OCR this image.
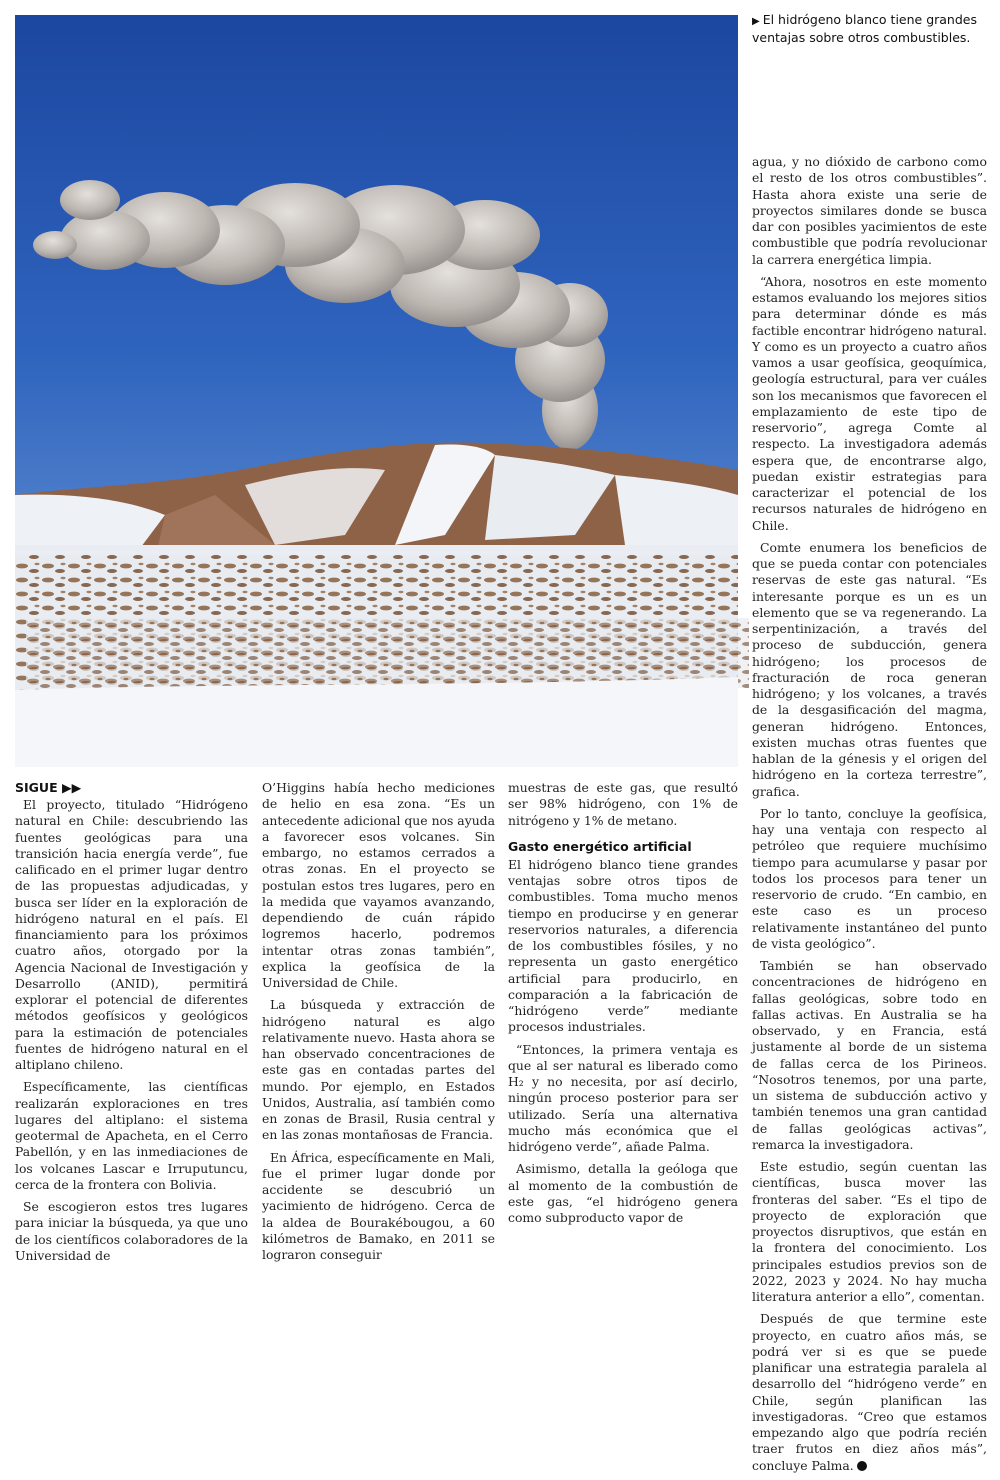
▶ El hidrógeno blanco tiene grandes ventajas sobre otros combustibles.
SIGUE ▶▶

El proyecto, titulado “Hidrógeno natural en Chile: descubriendo las fuentes geológicas para una transición hacia energía verde”, fue calificado en el primer lugar dentro de las propuestas adjudicadas, y busca ser líder en la exploración de hidrógeno natural en el país. El financiamiento para los próximos cuatro años, otorgado por la Agencia Nacional de Investigación y Desarrollo (ANID), permitirá explorar el potencial de diferentes métodos geofísicos y geológicos para la estimación de potenciales fuentes de hidrógeno natural en el altiplano chileno.

Específicamente, las científicas realizarán exploraciones en tres lugares del altiplano: el sistema geotermal de Apacheta, en el Cerro Pabellón, y en las inmediaciones de los volcanes Lascar e Irruputuncu, cerca de la frontera con Bolivia.

Se escogieron estos tres lugares para iniciar la búsqueda, ya que uno de los científicos colaboradores de la Universidad de

O’Higgins había hecho mediciones de helio en esa zona. “Es un antecedente adicional que nos ayuda a favorecer esos volcanes. Sin embargo, no estamos cerrados a otras zonas. En el proyecto se postulan estos tres lugares, pero en la medida que vayamos avanzando, dependiendo de cuán rápido logremos hacerlo, podremos intentar otras zonas también”, explica la geofísica de la Universidad de Chile.

La búsqueda y extracción de hidrógeno natural es algo relativamente nuevo. Hasta ahora se han observado concentraciones de este gas en contadas partes del mundo. Por ejemplo, en Estados Unidos, Australia, así también como en zonas de Brasil, Rusia central y en las zonas montañosas de Francia.

En África, específicamente en Mali, fue el primer lugar donde por accidente se descubrió un yacimiento de hidrógeno. Cerca de la aldea de Bourakébougou, a 60 kilómetros de Bamako, en 2011 se lograron conseguir

muestras de este gas, que resultó ser 98% hidrógeno, con 1% de nitrógeno y 1% de metano.

Gasto energético artificial

El hidrógeno blanco tiene grandes ventajas sobre otros tipos de combustibles. Toma mucho menos tiempo en producirse y en generar reservorios naturales, a diferencia de los combustibles fósiles, y no representa un gasto energético artificial para producirlo, en comparación a la fabricación de “hidrógeno verde” mediante procesos industriales.

“Entonces, la primera ventaja es que al ser natural es liberado como H₂ y no necesita, por así decirlo, ningún proceso posterior para ser utilizado. Sería una alternativa mucho más económica que el hidrógeno verde”, añade Palma.

Asimismo, detalla la geóloga que al momento de la combustión de este gas, “el hidrógeno genera como subproducto vapor de

agua, y no dióxido de carbono como el resto de los otros combustibles”. Hasta ahora existe una serie de proyectos similares donde se busca dar con posibles yacimientos de este combustible que podría revolucionar la carrera energética limpia.

“Ahora, nosotros en este momento estamos evaluando los mejores sitios para determinar dónde es más factible encontrar hidrógeno natural. Y como es un proyecto a cuatro años vamos a usar geofísica, geoquímica, geología estructural, para ver cuáles son los mecanismos que favorecen el emplazamiento de este tipo de reservorio”, agrega Comte al respecto. La investigadora además espera que, de encontrarse algo, puedan existir estrategias para caracterizar el potencial de los recursos naturales de hidrógeno en Chile.

Comte enumera los beneficios de que se pueda contar con potenciales reservas de este gas natural. “Es interesante porque es un es un elemento que se va regenerando. La serpentinización, a través del proceso de subducción, genera hidrógeno; los procesos de fracturación de roca generan hidrógeno; y los volcanes, a través de la desgasificación del magma, generan hidrógeno. Entonces, existen muchas otras fuentes que hablan de la génesis y el origen del hidrógeno en la corteza terrestre”, grafica.

Por lo tanto, concluye la geofísica, hay una ventaja con respecto al petróleo que requiere muchísimo tiempo para acumularse y pasar por todos los procesos para tener un reservorio de crudo. “En cambio, en este caso es un proceso relativamente instantáneo del punto de vista geológico”.

También se han observado concentraciones de hidrógeno en fallas geológicas, sobre todo en fallas activas. En Australia se ha observado, y en Francia, está justamente al borde de un sistema de fallas cerca de los Pirineos. “Nosotros tenemos, por una parte, un sistema de subducción activo y también tenemos una gran cantidad de fallas geológicas activas”, remarca la investigadora.

Este estudio, según cuentan las científicas, busca mover las fronteras del saber. “Es el tipo de proyecto de exploración que proyectos disruptivos, que están en la frontera del conocimiento. Los principales estudios previos son de 2022, 2023 y 2024. No hay mucha literatura anterior a ello”, comentan.

Después de que termine este proyecto, en cuatro años más, se podrá ver si es que se puede planificar una estrategia paralela al desarrollo del “hidrógeno verde” en Chile, según planifican las investigadoras. “Creo que estamos empezando algo que podría recién traer frutos en diez años más”, concluye Palma.
